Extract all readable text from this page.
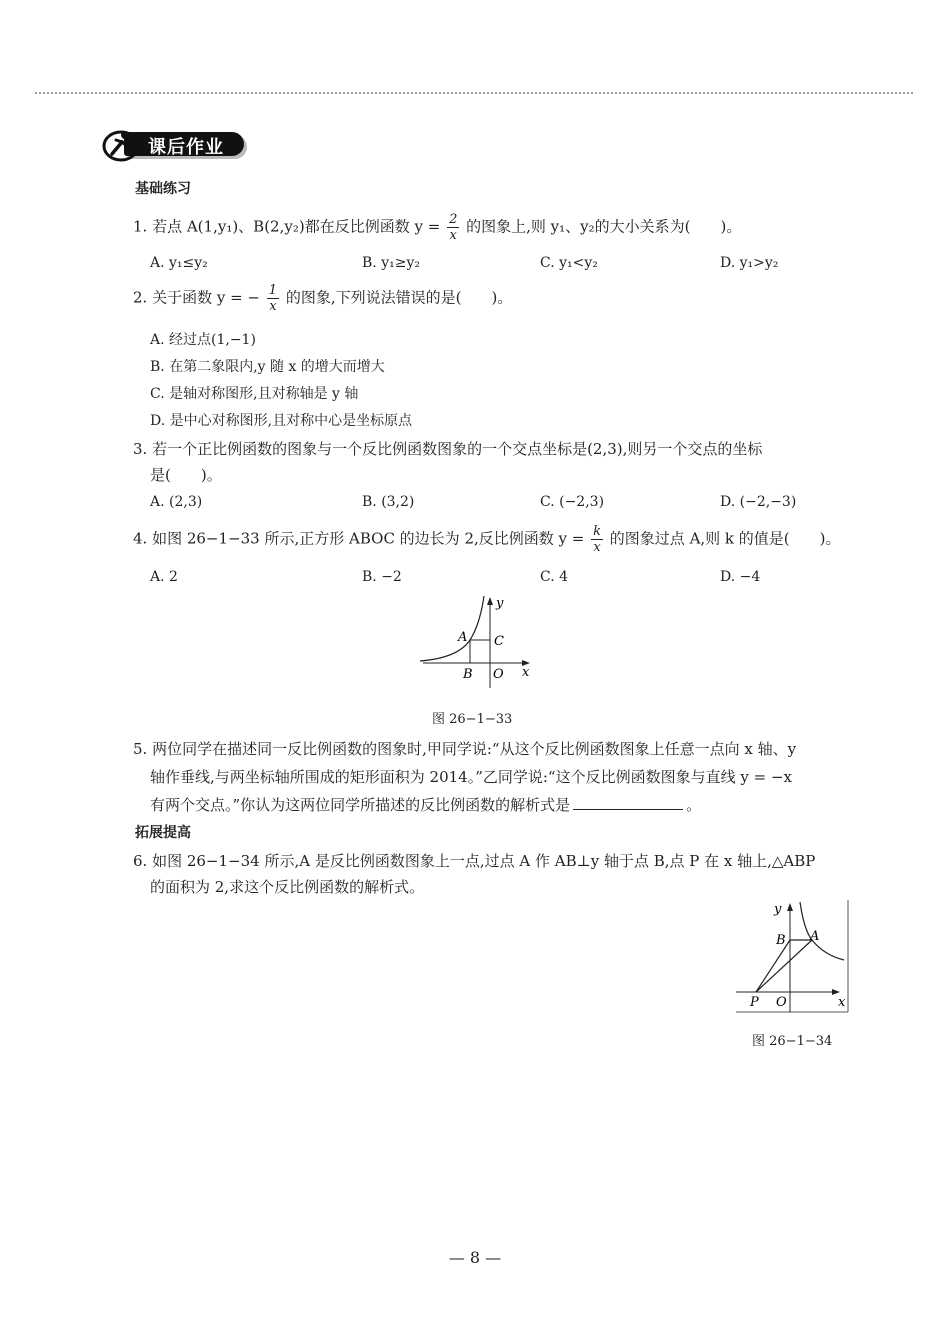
课后作业
基础练习
1. 若点 A(1,y₁)、B(2,y₂)都在反比例函数 $y = \frac{2}{x}$ 的图象上,则 y₁、y₂的大小关系为(　　)。
A. y₁≤y₂	B. y₁≥y₂	C. y₁<y₂	D. y₁>y₂
2. 关于函数 y = − $\frac{1}{x}$ 的图象,下列说法错误的是(　　)。
A. 经过点(1,−1)
B. 在第二象限内,y 随 x 的增大而增大
C. 是轴对称图形,且对称轴是 y 轴
D. 是中心对称图形,且对称中心是坐标原点
3. 若一个正比例函数的图象与一个反比例函数图象的一个交点坐标是(2,3),则另一个交点的坐标
是(　　)。
A. (2,3)	B. (3,2)	C. (−2,3)	D. (−2,−3)
4. 如图 26−1−33 所示,正方形 ABOC 的边长为 2,反比例函数 $y = \frac{k}{x}$ 的图象过点 A,则 k 的值是(　　)。
A. 2	B. −2	C. 4	D. −4
y
x
A C
B O
图 26−1−33
5. 两位同学在描述同一反比例函数的图象时,甲同学说:“从这个反比例函数图象上任意一点向 x 轴、y
轴作垂线,与两坐标轴所围成的矩形面积为 2014。”乙同学说:“这个反比例函数图象与直线 y = −x
有两个交点。”你认为这两位同学所描述的反比例函数的解析式是	。
拓展提高
6. 如图 26−1−34 所示,A 是反比例函数图象上一点,过点 A 作 AB⊥y 轴于点 B,点 P 在 x 轴上,△ABP
的面积为 2,求这个反比例函数的解析式。
y
B A
P O	x
图 26−1−34
— 8 —
